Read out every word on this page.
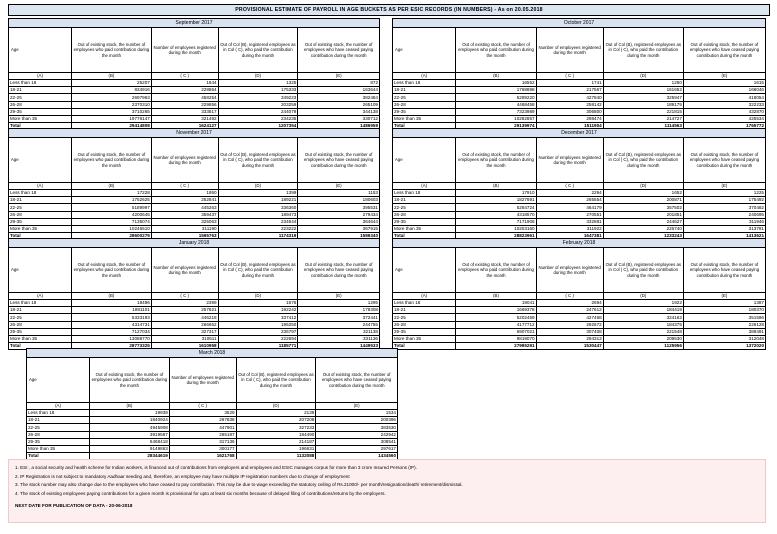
PROVISIONAL ESTIMATE OF PAYROLL IN AGE BUCKETS AS PER ESIC RECORDS (IN NUMBERS) - As on 20.05.2018
September 2017				
Age	Out of existing stock, the number of employees who paid contribution during the month	Number of employees registered during the month	Out of Col (B), registered employees as in Col ( C), who paid the contribution during the month	Out of existing stock, the number of employees who have ceased paying contribution during the month
(A)	(B)	( C )	(D)	(E)
Less than 18	25207	1844	1325	872
18-21	834916	228864	175333	163644
22-25	2697963	458254	349223	382484
26-28	2370310	229856	203259	265109
29-35	3710265	333817	244079	344138
More than 35	19776147	321492	234235	330712
Total	29414808	1624127	1207354	1486959
October 2017				
Age	Out of existing stock, the number of employees who paid contribution during the month	Number of employees registered during the month	Out of Col (B), registered employees as in Col ( C), who paid the contribution during the month	Out of existing stock, the number of employees who have ceased paying contribution during the month
(A)	(B)	( C )	(D)	(E)
Less than 18	16552	1741	1250	1615
18-21	1768898	217567	161652	166046
22-25	5289220	427840	325947	418054
26-28	4468458	258142	189175	322233
29-35	7323989	306800	221815	432870
More than 35	10282857	298474	214727	425534
Total	29139974	1511904	1114563	1765772
November 2017				
Age	Out of existing stock, the number of employees who paid contribution during the month	Number of employees registered during the month	Out of Col (B), registered employees as in Col ( C), who paid the contribution during the month	Out of existing stock, the number of employees who have ceased paying contribution during the month
(A)	(B)	( C )	(D)	(E)
Less than 18	17228	1950	1399	1153
18-21	1752625	252841	189221	180603
22-25	5189997	445263	336360	395531
26-28	4200645	359437	189473	279434
29-35	7135074	325063	234644	364644
More than 35	10246510	311190	223222	367915
Total	28600279	1595763	1174319	1589340
December 2017				
Age	Out of existing stock, the number of employees who paid contribution during the month	Number of employees registered during the month	Out of Col (B), registered employees as in Col ( C), who paid the contribution during the month	Out of existing stock, the number of employees who have ceased paying contribution during the month
(A)	(B)	( C )	(D)	(E)
Less than 18	17910	2294	1652	1225
18-21	1827691	265554	200871	175492
22-25	5284724	464179	357502	370482
26-28	4318570	270551	201851	240695
29-35	7171906	332881	244627	311946
More than 35	10203160	311922	226740	313781
Total	28823961	1647381	1233243	1413621
January 2018				
Age	Out of existing stock, the number of employees who paid contribution during the month	Number of employees registered during the month	Out of Col (B), registered employees as in Col ( C), who paid the contribution during the month	Out of existing stock, the number of employees who have ceased paying contribution during the month
(A)	(B)	( C )	(D)	(E)
Less than 18	18496	2399	1676	1295
18-21	1891101	257821	192242	178308
22-25	5333193	446218	337412	372441
26-28	4314731	266652	195250	244755
29-35	7127034	327317	235797	321138
More than 35	13088770	310511	222694	331136
Total	28773325	1610958	1185771	1449533
February 2018				
Age	Out of existing stock, the number of employees who paid contribution during the month	Number of employees registered during the month	Out of Col (B), registered employees as in Col ( C), who paid the contribution during the month	Out of existing stock, the number of employees who have ceased paying contribution during the month
(A)	(B)	( C )	(D)	(E)
Less than 18	19041	2694	1922	1387
18-21	1669378	247612	184419	180370
22-25	5202469	427468	324162	351596
26-28	4177712	292672	184375	226128
29-35	6907021	307408	221548	389491
More than 35	9819070	294313	209530	312048
Total	27995291	1530447	1125956	1372020
March 2018				
Age	Out of existing stock, the number of employees who paid contribution during the month	Number of employees registered during the month	Out of Col (B), registered employees as in Col ( C), who paid the contribution during the month	Out of existing stock, the number of employees who have ceased paying contribution during the month
(A)	(B)	( C )	(D)	(E)
Less than 18	19939	3529	2139	1534
18-21	1840924	267838	207208	200396
22-25	4945908	447901	327233	383530
26-28	3919567	265187	184490	242942
29-35	6468418	317136	214187	308541
More than 35	9149863	300177	196631	297617
Total	28344619	1621768	1132088	1434560
1. ESI , a social security and health scheme for Indian workers, is financed out of contributions from employers and employees and ESIC manages corpus for more than 3 crore Insured Persons (IP).
2. IP Registration is not subject to mandatory Aadhaar seeding and, therefore, an employee may have multiple IP registration numbers due to change of employment
3. The stock number may also change due to the employees who have ceased to pay contribution. This may be due to wage exceeding the statutory ceiling of Rs.21000/- per month/resignation/death/ retirement/dismissal.
4. The stock of existing employees paying contributions for a given month is provisional for upto at least six months because of delayed filing of contributions/returns by the employers.
NEXT DATE FOR PUBLICATION OF DATA - 20-06-2018
